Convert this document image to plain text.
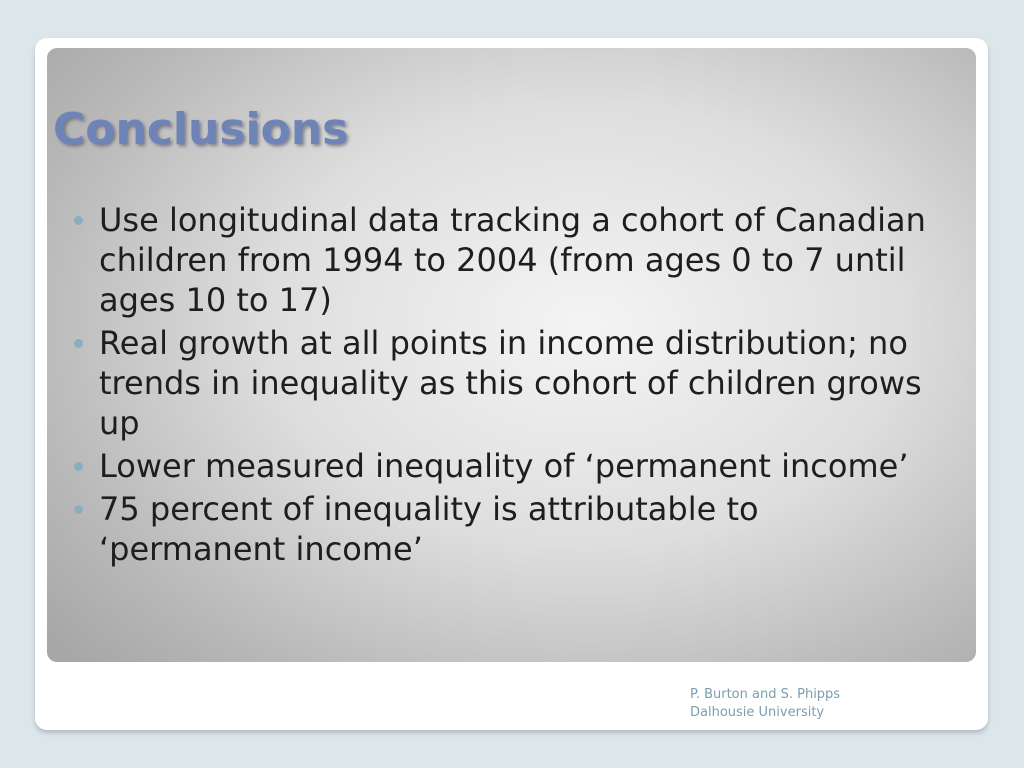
Conclusions
Use longitudinal data tracking a cohort of Canadian children from 1994 to 2004 (from ages 0 to 7 until ages 10 to 17)
Real growth at all points in income distribution; no trends in inequality as this cohort of children grows up
Lower measured inequality of ‘permanent income’
75 percent of inequality is attributable to ‘permanent income’
P. Burton and S. Phipps
Dalhousie University
